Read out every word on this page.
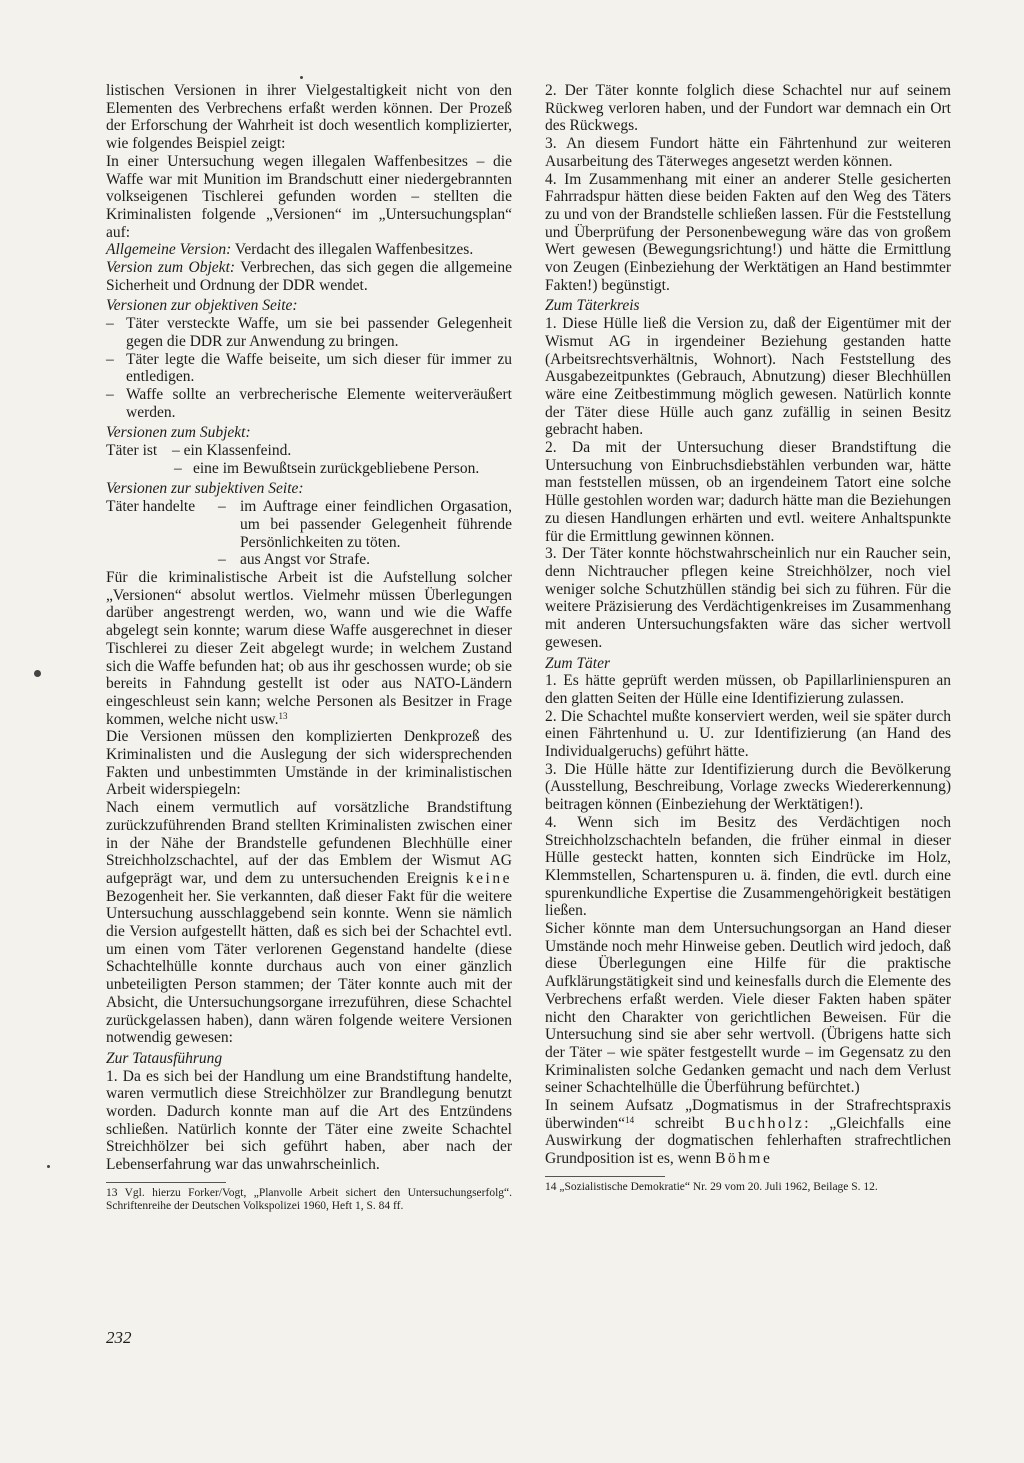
listischen Versionen in ihrer Vielgestaltigkeit nicht von den Elementen des Verbrechens erfaßt werden können. Der Prozeß der Erforschung der Wahrheit ist doch wesentlich komplizierter, wie folgendes Beispiel zeigt:

In einer Untersuchung wegen illegalen Waffenbesitzes – die Waffe war mit Munition im Brandschutt einer niedergebrannten volkseigenen Tischlerei gefunden worden – stellten die Kriminalisten folgende „Versionen“ im „Untersuchungsplan“ auf:

Allgemeine Version: Verdacht des illegalen Waffenbesitzes.

Version zum Objekt: Verbrechen, das sich gegen die allgemeine Sicherheit und Ordnung der DDR wendet.

Versionen zur objektiven Seite:

– Täter versteckte Waffe, um sie bei passender Gelegenheit gegen die DDR zur Anwendung zu bringen.
– Täter legte die Waffe beiseite, um sich dieser für immer zu entledigen.
– Waffe sollte an verbrecherische Elemente weiterveräußert werden.

Versionen zum Subjekt:

Täter ist – ein Klassenfeind.
– eine im Bewußtsein zurückgebliebene Person.

Versionen zur subjektiven Seite:

Täter handelte	– im Auftrage einer feindlichen Orgasation, um bei passender Gelegenheit führende Persönlichkeiten zu töten.
– aus Angst vor Strafe.

Für die kriminalistische Arbeit ist die Aufstellung solcher „Versionen“ absolut wertlos. Vielmehr müssen Überlegungen darüber angestrengt werden, wo, wann und wie die Waffe abgelegt sein konnte; warum diese Waffe ausgerechnet in dieser Tischlerei zu dieser Zeit abgelegt wurde; in welchem Zustand sich die Waffe befunden hat; ob aus ihr geschossen wurde; ob sie bereits in Fahndung gestellt ist oder aus NATO-Ländern eingeschleust sein kann; welche Personen als Besitzer in Frage kommen, welche nicht usw.$^{13}$

Die Versionen müssen den komplizierten Denkprozeß des Kriminalisten und die Auslegung der sich widersprechenden Fakten und unbestimmten Umstände in der kriminalistischen Arbeit widerspiegeln:

Nach einem vermutlich auf vorsätzliche Brandstiftung zurückzuführenden Brand stellten Kriminalisten zwischen einer in der Nähe der Brandstelle gefundenen Blechhülle einer Streichholzschachtel, auf der das Emblem der Wismut AG aufgeprägt war, und dem zu untersuchenden Ereignis keine Bezogenheit her. Sie verkannten, daß dieser Fakt für die weitere Untersuchung ausschlaggebend sein konnte. Wenn sie nämlich die Version aufgestellt hätten, daß es sich bei der Schachtel evtl. um einen vom Täter verlorenen Gegenstand handelte (diese Schachtelhülle konnte durchaus auch von einer gänzlich unbeteiligten Person stammen; der Täter konnte auch mit der Absicht, die Untersuchungsorgane irrezuführen, diese Schachtel zurückgelassen haben), dann wären folgende weitere Versionen notwendig gewesen:

Zur Tatausführung

1. Da es sich bei der Handlung um eine Brandstiftung handelte, waren vermutlich diese Streichhölzer zur Brandlegung benutzt worden. Dadurch konnte man auf die Art des Entzündens schließen. Natürlich konnte der Täter eine zweite Schachtel Streichhölzer bei sich geführt haben, aber nach der Lebenserfahrung war das unwahrscheinlich.

13 Vgl. hierzu Forker/Vogt, „Planvolle Arbeit sichert den Untersuchungserfolg“. Schriftenreihe der Deutschen Volkspolizei 1960, Heft 1, S. 84 ff.

2. Der Täter konnte folglich diese Schachtel nur auf seinem Rückweg verloren haben, und der Fundort war demnach ein Ort des Rückwegs.

3. An diesem Fundort hätte ein Fährtenhund zur weiteren Ausarbeitung des Täterweges angesetzt werden können.

4. Im Zusammenhang mit einer an anderer Stelle gesicherten Fahrradspur hätten diese beiden Fakten auf den Weg des Täters zu und von der Brandstelle schließen lassen. Für die Feststellung und Überprüfung der Personenbewegung wäre das von großem Wert gewesen (Bewegungsrichtung!) und hätte die Ermittlung von Zeugen (Einbeziehung der Werktätigen an Hand bestimmter Fakten!) begünstigt.

Zum Täterkreis

1. Diese Hülle ließ die Version zu, daß der Eigentümer mit der Wismut AG in irgendeiner Beziehung gestanden hatte (Arbeitsrechtsverhältnis, Wohnort). Nach Feststellung des Ausgabezeitpunktes (Gebrauch, Abnutzung) dieser Blechhüllen wäre eine Zeitbestimmung möglich gewesen. Natürlich konnte der Täter diese Hülle auch ganz zufällig in seinen Besitz gebracht haben.

2. Da mit der Untersuchung dieser Brandstiftung die Untersuchung von Einbruchsdiebstählen verbunden war, hätte man feststellen müssen, ob an irgendeinem Tatort eine solche Hülle gestohlen worden war; dadurch hätte man die Beziehungen zu diesen Handlungen erhärten und evtl. weitere Anhaltspunkte für die Ermittlung gewinnen können.

3. Der Täter konnte höchstwahrscheinlich nur ein Raucher sein, denn Nichtraucher pflegen keine Streichhölzer, noch viel weniger solche Schutzhüllen ständig bei sich zu führen. Für die weitere Präzisierung des Verdächtigenkreises im Zusammenhang mit anderen Untersuchungsfakten wäre das sicher wertvoll gewesen.

Zum Täter

1. Es hätte geprüft werden müssen, ob Papillarlinienspuren an den glatten Seiten der Hülle eine Identifizierung zulassen.

2. Die Schachtel mußte konserviert werden, weil sie später durch einen Fährtenhund u. U. zur Identifizierung (an Hand des Individualgeruchs) geführt hätte.

3. Die Hülle hätte zur Identifizierung durch die Bevölkerung (Ausstellung, Beschreibung, Vorlage zwecks Wiedererkennung) beitragen können (Einbeziehung der Werktätigen!).

4. Wenn sich im Besitz des Verdächtigen noch Streichholzschachteln befanden, die früher einmal in dieser Hülle gesteckt hatten, konnten sich Eindrücke im Holz, Klemmstellen, Schartenspuren u. ä. finden, die evtl. durch eine spurenkundliche Expertise die Zusammengehörigkeit bestätigen ließen.

Sicher könnte man dem Untersuchungsorgan an Hand dieser Umstände noch mehr Hinweise geben. Deutlich wird jedoch, daß diese Überlegungen eine Hilfe für die praktische Aufklärungstätigkeit sind und keinesfalls durch die Elemente des Verbrechens erfaßt werden. Viele dieser Fakten haben später nicht den Charakter von gerichtlichen Beweisen. Für die Untersuchung sind sie aber sehr wertvoll. (Übrigens hatte sich der Täter – wie später festgestellt wurde – im Gegensatz zu den Kriminalisten solche Gedanken gemacht und nach dem Verlust seiner Schachtelhülle die Überführung befürchtet.)

In seinem Aufsatz „Dogmatismus in der Strafrechtspraxis überwinden“$^{14}$ schreibt Buchholz: „Gleichfalls eine Auswirkung der dogmatischen fehlerhaften strafrechtlichen Grundposition ist es, wenn Böhme

14 „Sozialistische Demokratie“ Nr. 29 vom 20. Juli 1962, Beilage S. 12.

232
